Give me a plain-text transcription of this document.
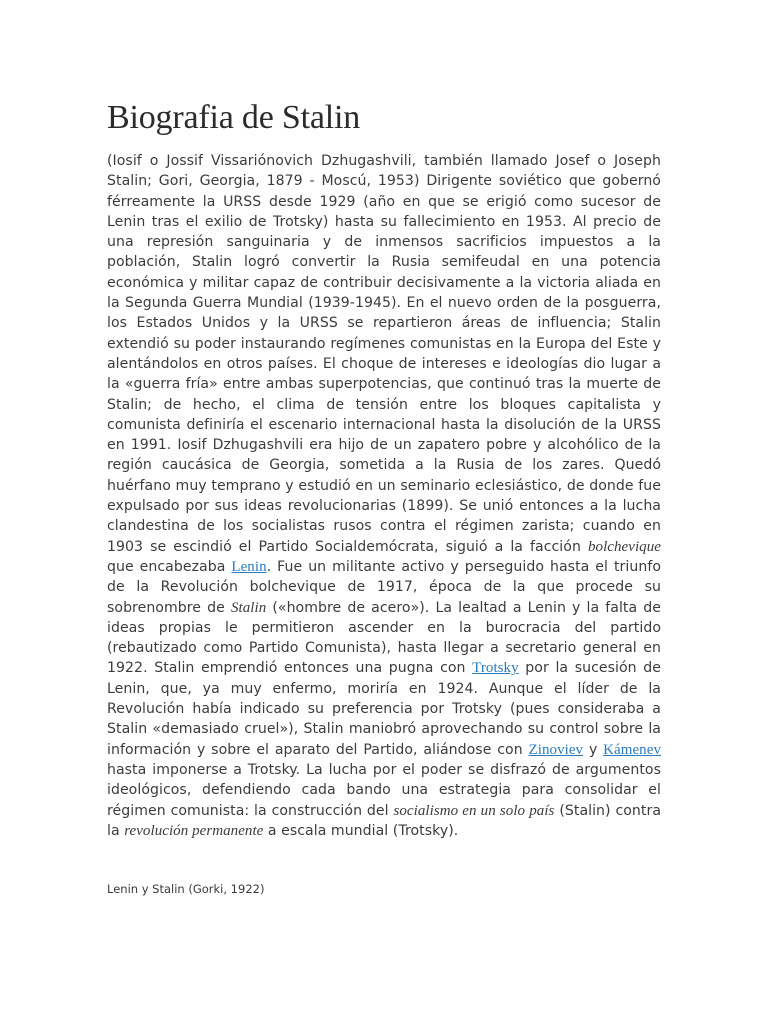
Biografia de Stalin

(Iosif o Jossif Vissariónovich Dzhugashvili, también llamado Josef o Joseph Stalin; Gori, Georgia, 1879 - Moscú, 1953) Dirigente soviético que gobernó férreamente la URSS desde 1929 (año en que se erigió como sucesor de Lenin tras el exilio de Trotsky) hasta su fallecimiento en 1953. Al precio de una represión sanguinaria y de inmensos sacrificios impuestos a la población, Stalin logró convertir la Rusia semifeudal en una potencia económica y militar capaz de contribuir decisivamente a la victoria aliada en la Segunda Guerra Mundial (1939-1945). En el nuevo orden de la posguerra, los Estados Unidos y la URSS se repartieron áreas de influencia; Stalin extendió su poder instaurando regímenes comunistas en la Europa del Este y alentándolos en otros países. El choque de intereses e ideologías dio lugar a la «guerra fría» entre ambas superpotencias, que continuó tras la muerte de Stalin; de hecho, el clima de tensión entre los bloques capitalista y comunista definiría el escenario internacional hasta la disolución de la URSS en 1991. Iosif Dzhugashvili era hijo de un zapatero pobre y alcohólico de la región caucásica de Georgia, sometida a la Rusia de los zares. Quedó huérfano muy temprano y estudió en un seminario eclesiástico, de donde fue expulsado por sus ideas revolucionarias (1899). Se unió entonces a la lucha clandestina de los socialistas rusos contra el régimen zarista; cuando en 1903 se escindió el Partido Socialdemócrata, siguió a la facción bolchevique que encabezaba Lenin. Fue un militante activo y perseguido hasta el triunfo de la Revolución bolchevique de 1917, época de la que procede su sobrenombre de Stalin («hombre de acero»). La lealtad a Lenin y la falta de ideas propias le permitieron ascender en la burocracia del partido (rebautizado como Partido Comunista), hasta llegar a secretario general en 1922. Stalin emprendió entonces una pugna con Trotsky por la sucesión de Lenin, que, ya muy enfermo, moriría en 1924. Aunque el líder de la Revolución había indicado su preferencia por Trotsky (pues consideraba a Stalin «demasiado cruel»), Stalin maniobró aprovechando su control sobre la información y sobre el aparato del Partido, aliándose con Zinoviev y Kámenev hasta imponerse a Trotsky. La lucha por el poder se disfrazó de argumentos ideológicos, defendiendo cada bando una estrategia para consolidar el régimen comunista: la construcción del socialismo en un solo país (Stalin) contra la revolución permanente a escala mundial (Trotsky).

Lenin y Stalin (Gorki, 1922)
